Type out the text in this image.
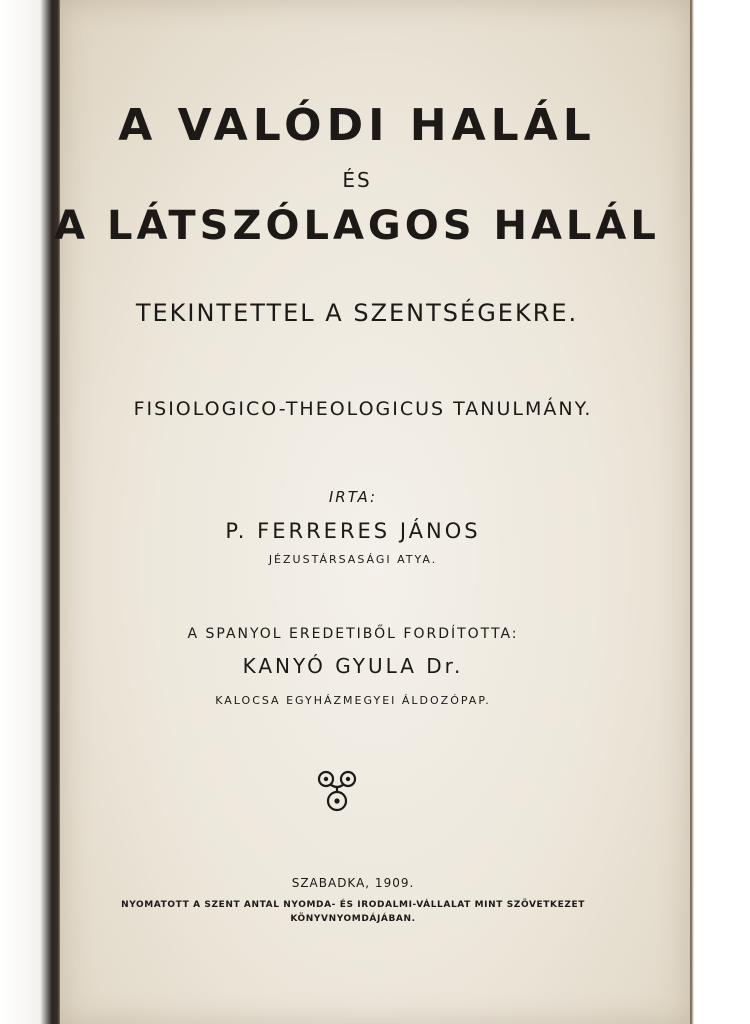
A VALÓDI HALÁL
ÉS
A LÁTSZÓLAGOS HALÁL
TEKINTETTEL A SZENTSÉGEKRE.
FISIOLOGICO-THEOLOGICUS TANULMÁNY.
IRTA:
P. FERRERES JÁNOS
JÉZUSTÁRSASÁGI ATYA.
A SPANYOL EREDETIBŐL FORDÍTOTTA:
KANYÓ GYULA Dr.
KALOCSA EGYHÁZMEGYEI ÁLDOZÓPAP.
SZABADKA, 1909.
NYOMATOTT A SZENT ANTAL NYOMDA- ÉS IRODALMI-VÁLLALAT MINT SZÖVETKEZET
KÖNYVNYOMDÁJÁBAN.
